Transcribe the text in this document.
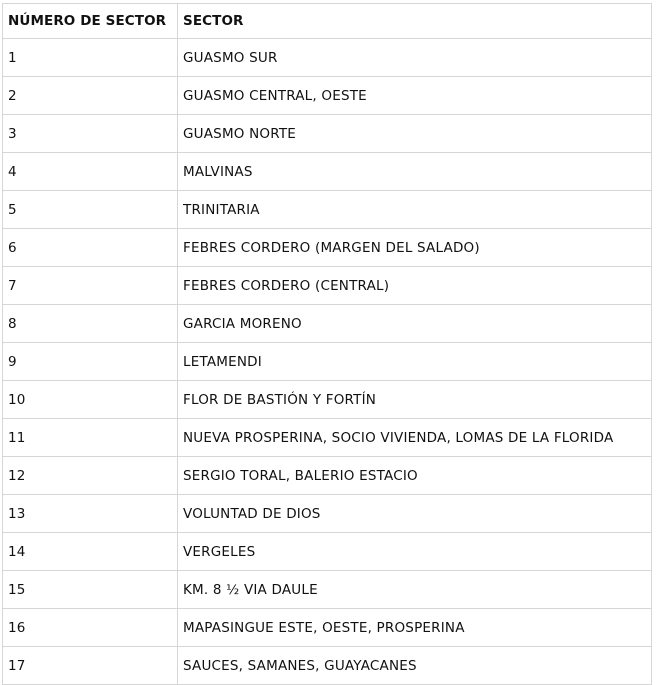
NÚMERO DE SECTOR	SECTOR
1	GUASMO SUR
2	GUASMO CENTRAL, OESTE
3	GUASMO NORTE
4	MALVINAS
5	TRINITARIA
6	FEBRES CORDERO (MARGEN DEL SALADO)
7	FEBRES CORDERO (CENTRAL)
8	GARCIA MORENO
9	LETAMENDI
10	FLOR DE BASTIÓN Y FORTÍN
11	NUEVA PROSPERINA, SOCIO VIVIENDA, LOMAS DE LA FLORIDA
12	SERGIO TORAL, BALERIO ESTACIO
13	VOLUNTAD DE DIOS
14	VERGELES
15	KM. 8 ½ VIA DAULE
16	MAPASINGUE ESTE, OESTE, PROSPERINA
17	SAUCES, SAMANES, GUAYACANES
